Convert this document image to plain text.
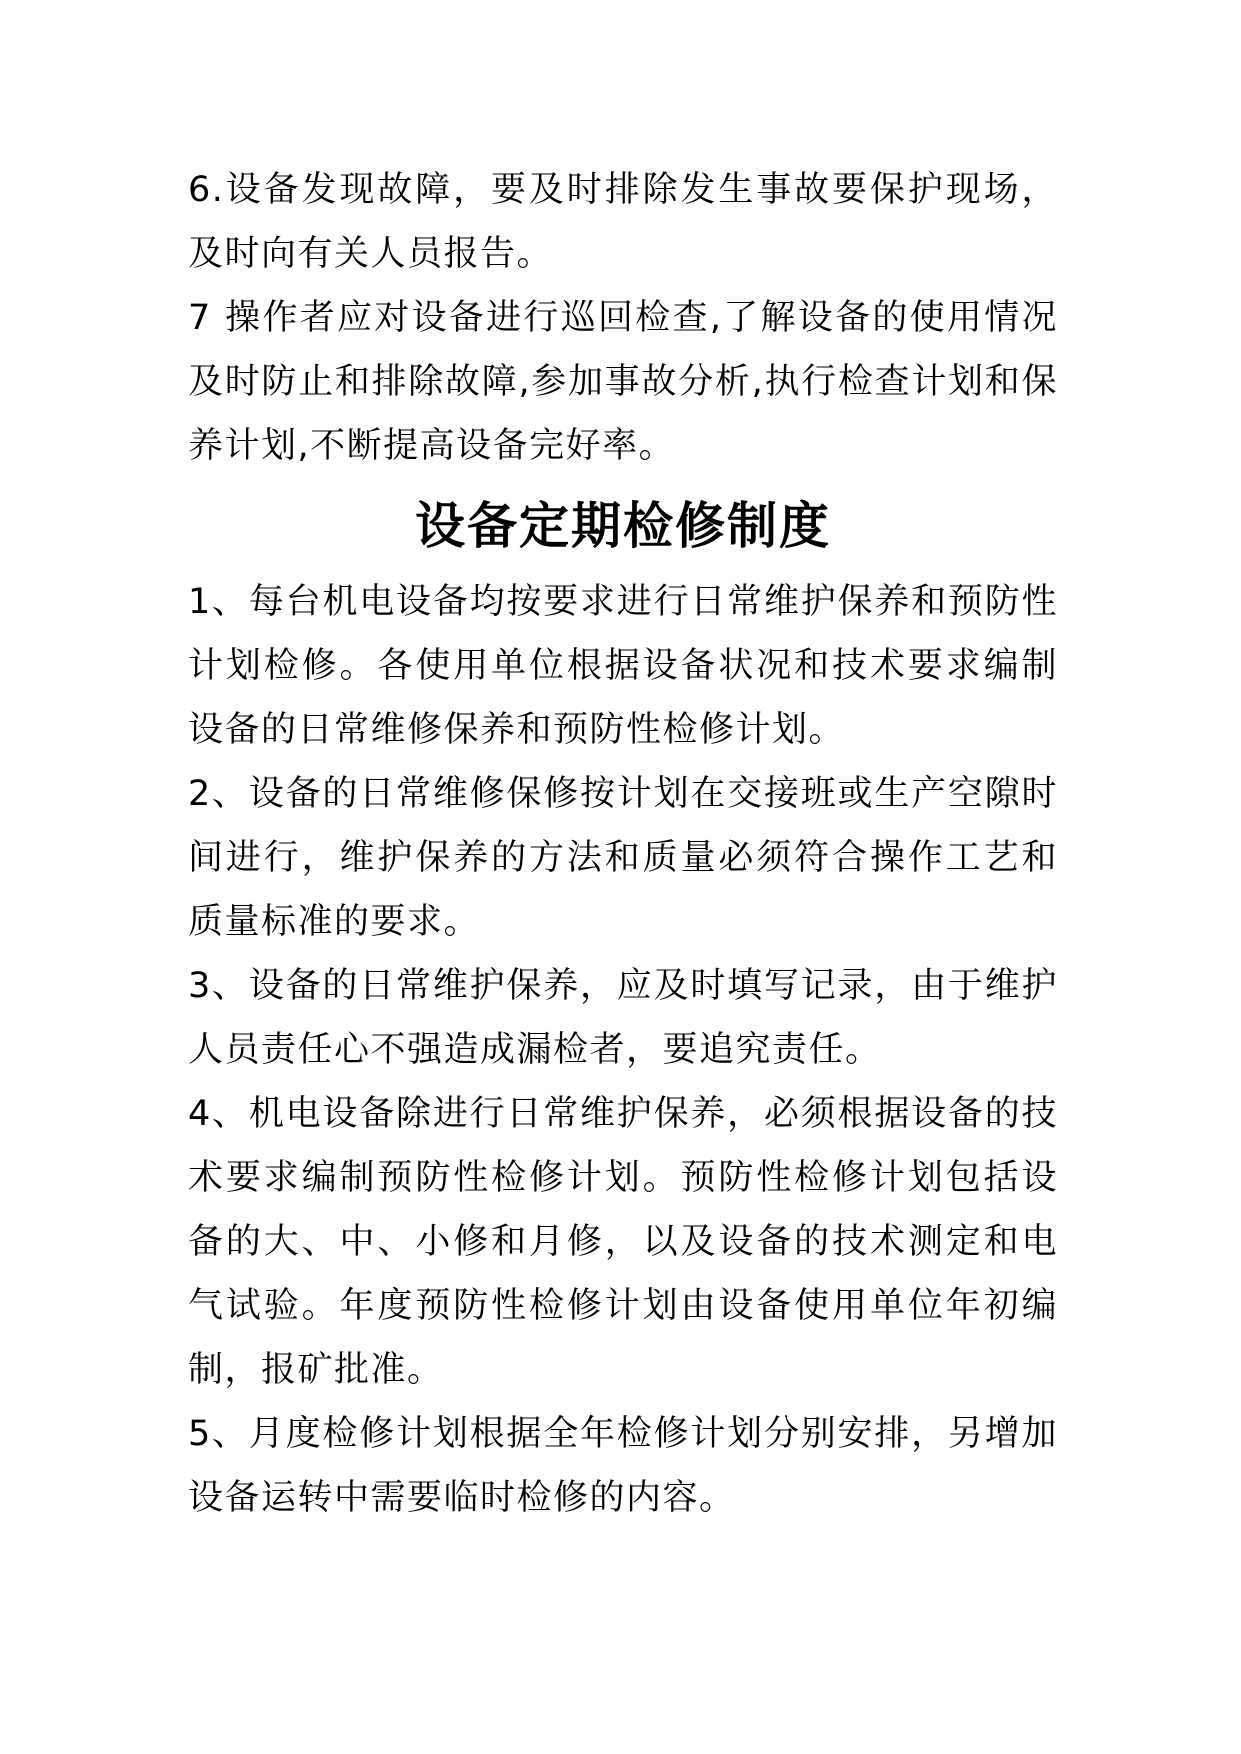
6.设备发现故障，要及时排除发生事故要保护现场，及时向有关人员报告。

7 操作者应对设备进行巡回检查,了解设备的使用情况及时防止和排除故障,参加事故分析,执行检查计划和保养计划,不断提高设备完好率。

设备定期检修制度

1、每台机电设备均按要求进行日常维护保养和预防性计划检修。各使用单位根据设备状况和技术要求编制设备的日常维修保养和预防性检修计划。

2、设备的日常维修保修按计划在交接班或生产空隙时间进行，维护保养的方法和质量必须符合操作工艺和质量标准的要求。

3、设备的日常维护保养，应及时填写记录，由于维护人员责任心不强造成漏检者，要追究责任。

4、机电设备除进行日常维护保养，必须根据设备的技术要求编制预防性检修计划。预防性检修计划包括设备的大、中、小修和月修，以及设备的技术测定和电气试验。年度预防性检修计划由设备使用单位年初编制，报矿批准。

5、月度检修计划根据全年检修计划分别安排，另增加设备运转中需要临时检修的内容。
